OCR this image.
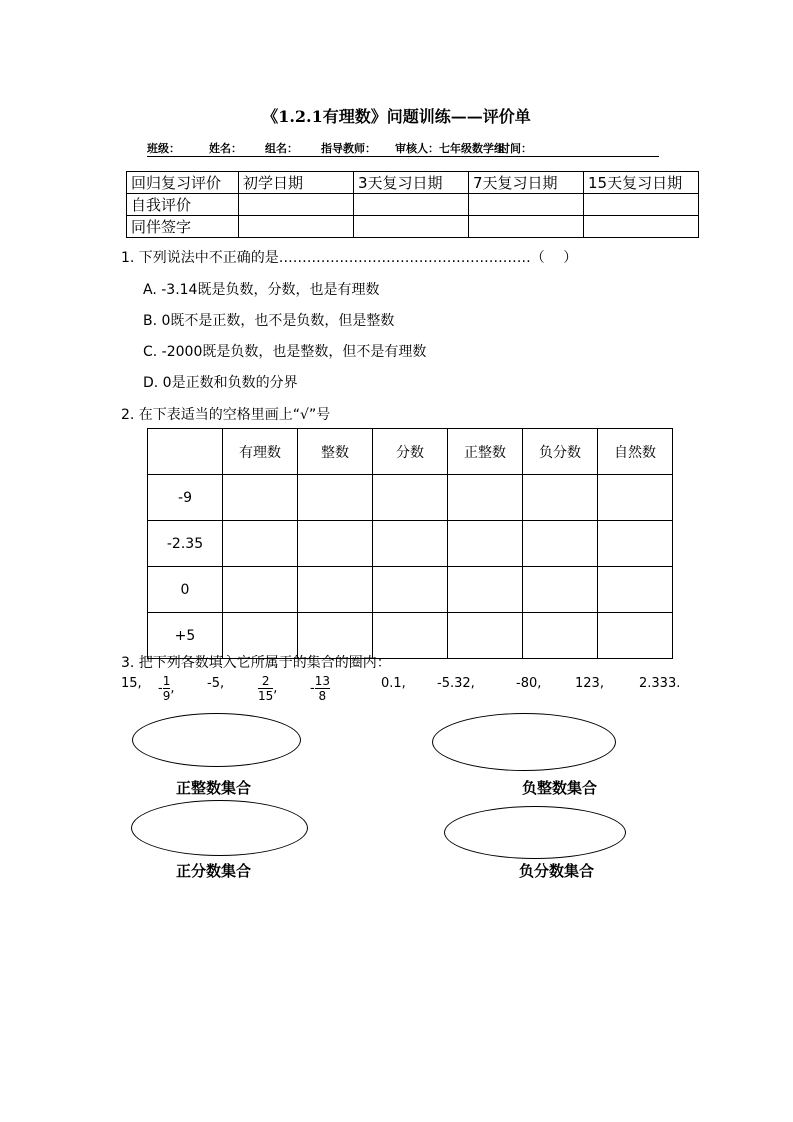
《1.2.1有理数》问题训练——评价单
班级：	姓名： 组名： 指导教师： 审核人：七年级数学组时间：
回归复习评价	初学日期	3天复习日期	7天复习日期	15天复习日期
自我评价				
同伴签字				
1. 下列说法中不正确的是………………………………………………（　 ）
A. -3.14既是负数，分数，也是有理数
B. 0既不是正数，也不是负数，但是整数
C. -2000既是负数，也是整数，但不是有理数
D. 0是正数和负数的分界
2. 在下表适当的空格里画上“√”号
	有理数	整数	分数	正整数	负分数	自然数
-9						
-2.35						
0						
+5						
3. 把下列各数填入它所属于的集合的圈内：
15, - $\frac{1}{9}$ ,	-5,	$\frac{2}{15}$ ,	- $\frac{13}{8}$	0.1, -5.32,	-80,	123,	2.333.
正整数集合	负整数集合
正分数集合	负分数集合
